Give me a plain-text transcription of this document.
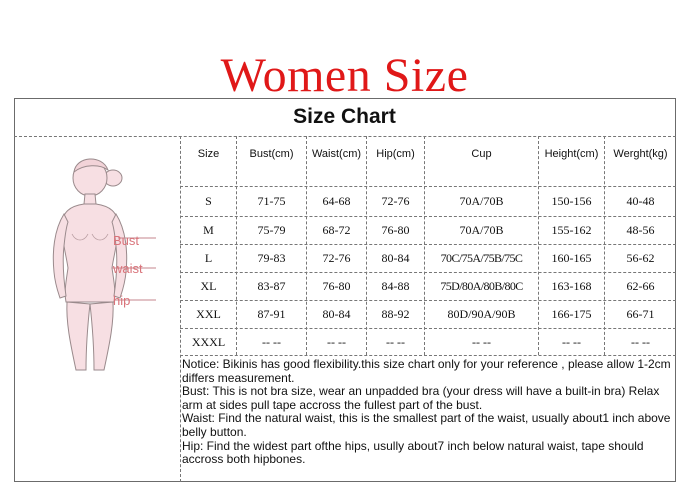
Women Size
Size Chart
Size	Bust(cm)	Waist(cm)	Hip(cm)	Cup	Height(cm)	Werght(kg)
S	71-75	64-68	72-76	70A/70B	150-156	40-48
M	75-79	68-72	76-80	70A/70B	155-162	48-56
L	79-83	72-76	80-84	70C/75A/75B/75C	160-165	56-62
XL	83-87	76-80	84-88	75D/80A/80B/80C	163-168	62-66
XXL	87-91	80-84	88-92	80D/90A/90B	166-175	66-71
XXXL	-- --	-- --	-- --	-- --	-- --	-- --
Bust
waist
hip

Notice: Bikinis has good flexibility.this size chart only for your reference , please allow 1-2cm differs measurement.

Bust: This is not bra size, wear an unpadded bra (your dress will have a built-in bra) Relax arm at sides pull tape accross the fullest part of the bust.

Waist: Find the natural waist, this is the smallest part of the waist, usually about1 inch above belly button.

Hip: Find the widest part ofthe hips, usully about7 inch below natural waist, tape should accross both hipbones.
